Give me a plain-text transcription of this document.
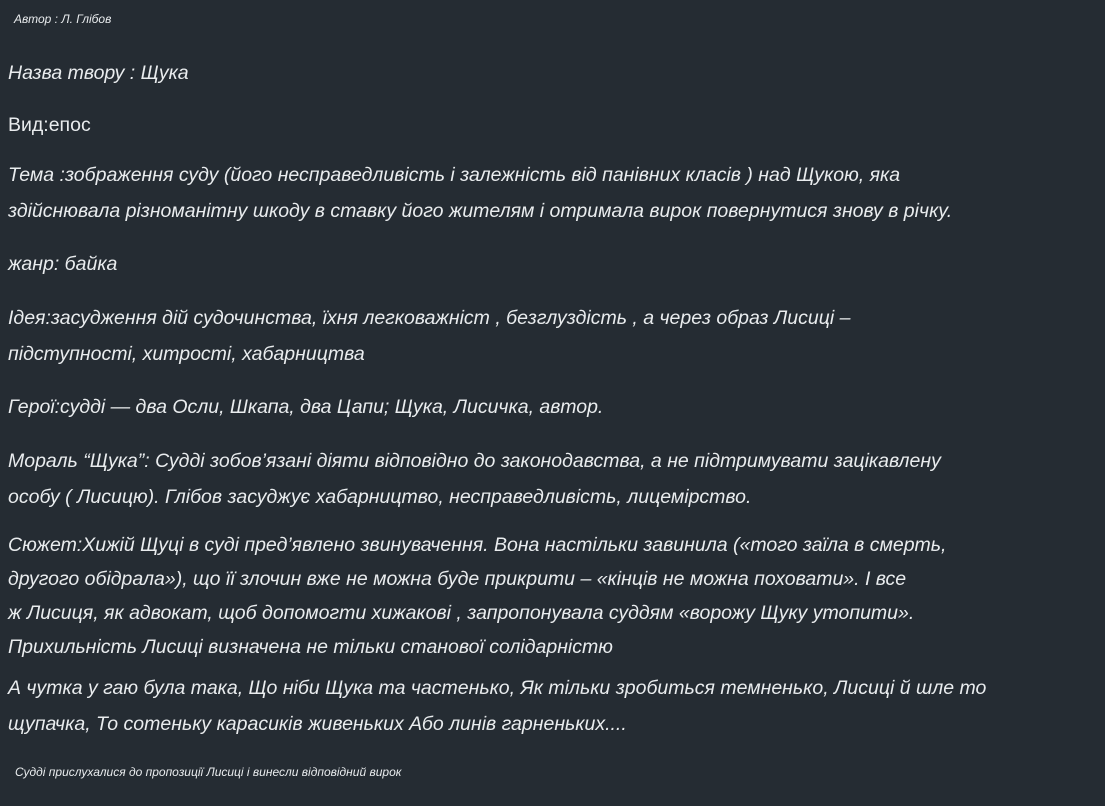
Автор : Л. Глібов

Назва твору : Щука

Вид:епос

Тема :зображення суду (його несправедливість і залежність від панівних класів ) над Щукою, яка
здійснювала різноманітну шкоду в ставку його жителям і отримала вирок повернутися знову в річку.

жанр: байка

Ідея:засудження дій судочинства, їхня легковажніст , безглуздість , а через образ Лисиці –
підступності, хитрості, хабарництва

Герої:судді — два Осли, Шкапа, два Цапи; Щука, Лисичка, автор.

Мораль “Щука”: Судді зобов’язані діяти відповідно до законодавства, а не підтримувати зацікавлену
особу ( Лисицю). Глібов засуджує хабарництво, несправедливість, лицемірство.

Сюжет:Хижій Щуці в суді пред’явлено звинувачення. Вона настільки завинила («того заїла в смерть,
другого обідрала»), що її злочин вже не можна буде прикрити – «кінців не можна поховати». І все
ж Лисиця, як адвокат, щоб допомогти хижакові , запропонувала суддям «ворожу Щуку утопити».
Прихильність Лисиці визначена не тільки станової солідарністю

А чутка у гаю була така, Що ніби Щука та частенько, Як тільки зробиться темненько, Лисиці й шле то
щупачка, То сотеньку карасиків живеньких Або линів гарненьких....

Судді прислухалися до пропозиції Лисиці і винесли відповідний вирок
